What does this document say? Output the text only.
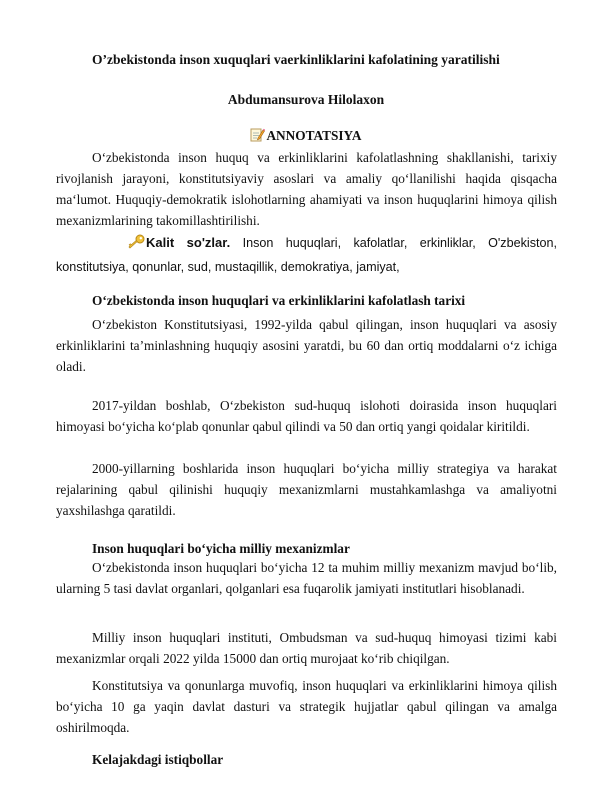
O’zbekistonda inson xuquqlari vaerkinliklarini kafolatining yaratilishi
Abdumansurova Hilolaxon
ANNOTATSIYA
O‘zbekistonda inson huquq va erkinliklarini kafolatlashning shakllanishi, tarixiy rivojlanish jarayoni, konstitutsiyaviy asoslari va amaliy qo‘llanilishi haqida qisqacha ma‘lumot. Huquqiy-demokratik islohotlarning ahamiyati va inson huquqlarini himoya qilish mexanizmlarining takomillashtirilishi.
Kalit so'zlar. Inson huquqlari, kafolatlar, erkinliklar, O'zbekiston, konstitutsiya, qonunlar, sud, mustaqillik, demokratiya, jamiyat,
O‘zbekistonda inson huquqlari va erkinliklarini kafolatlash tarixi
O‘zbekiston Konstitutsiyasi, 1992-yilda qabul qilingan, inson huquqlari va asosiy erkinliklarini ta’minlashning huquqiy asosini yaratdi, bu 60 dan ortiq moddalarni o‘z ichiga oladi.
2017-yildan boshlab, O‘zbekiston sud-huquq islohoti doirasida inson huquqlari himoyasi bo‘yicha ko‘plab qonunlar qabul qilindi va 50 dan ortiq yangi qoidalar kiritildi.
2000-yillarning boshlarida inson huquqlari bo‘yicha milliy strategiya va harakat rejalarining qabul qilinishi huquqiy mexanizmlarni mustahkamlashga va amaliyotni yaxshilashga qaratildi.
Inson huquqlari bo‘yicha milliy mexanizmlar
O‘zbekistonda inson huquqlari bo‘yicha 12 ta muhim milliy mexanizm mavjud bo‘lib, ularning 5 tasi davlat organlari, qolganlari esa fuqarolik jamiyati institutlari hisoblanadi.
Milliy inson huquqlari instituti, Ombudsman va sud-huquq himoyasi tizimi kabi mexanizmlar orqali 2022 yilda 15000 dan ortiq murojaat ko‘rib chiqilgan.
Konstitutsiya va qonunlarga muvofiq, inson huquqlari va erkinliklarini himoya qilish bo‘yicha 10 ga yaqin davlat dasturi va strategik hujjatlar qabul qilingan va amalga oshirilmoqda.
Kelajakdagi istiqbollar
